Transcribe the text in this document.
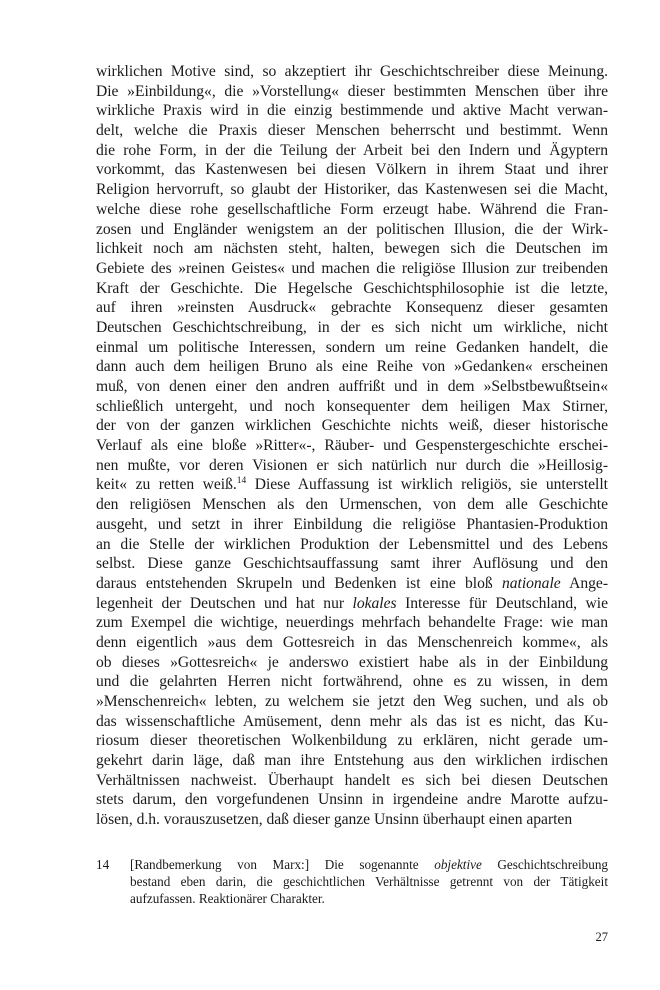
wirklichen Motive sind, so akzeptiert ihr Geschichtschreiber diese Meinung.
Die »Einbildung«, die »Vorstellung« dieser bestimmten Menschen über ihre
wirkliche Praxis wird in die einzig bestimmende und aktive Macht verwan-
delt, welche die Praxis dieser Menschen beherrscht und bestimmt. Wenn
die rohe Form, in der die Teilung der Arbeit bei den Indern und Ägyptern
vorkommt, das Kastenwesen bei diesen Völkern in ihrem Staat und ihrer
Religion hervorruft, so glaubt der Historiker, das Kastenwesen sei die Macht,
welche diese rohe gesellschaftliche Form erzeugt habe. Während die Fran-
zosen und Engländer wenigstem an der politischen Illusion, die der Wirk-
lichkeit noch am nächsten steht, halten, bewegen sich die Deutschen im
Gebiete des »reinen Geistes« und machen die religiöse Illusion zur treibenden
Kraft der Geschichte. Die Hegelsche Geschichtsphilosophie ist die letzte,
auf ihren »reinsten Ausdruck« gebrachte Konsequenz dieser gesamten
Deutschen Geschichtschreibung, in der es sich nicht um wirkliche, nicht
einmal um politische Interessen, sondern um reine Gedanken handelt, die
dann auch dem heiligen Bruno als eine Reihe von »Gedanken« erscheinen
muß, von denen einer den andren auffrißt und in dem »Selbstbewußtsein«
schließlich untergeht, und noch konsequenter dem heiligen Max Stirner,
der von der ganzen wirklichen Geschichte nichts weiß, dieser historische
Verlauf als eine bloße »Ritter«-, Räuber- und Gespenstergeschichte erschei-
nen mußte, vor deren Visionen er sich natürlich nur durch die »Heillosig-
keit« zu retten weiß.$^{14}$ Diese Auffassung ist wirklich religiös, sie unterstellt
den religiösen Menschen als den Urmenschen, von dem alle Geschichte
ausgeht, und setzt in ihrer Einbildung die religiöse Phantasien-Produktion
an die Stelle der wirklichen Produktion der Lebensmittel und des Lebens
selbst. Diese ganze Geschichtsauffassung samt ihrer Auflösung und den
daraus entstehenden Skrupeln und Bedenken ist eine bloß nationale Ange-
legenheit der Deutschen und hat nur lokales Interesse für Deutschland, wie
zum Exempel die wichtige, neuerdings mehrfach behandelte Frage: wie man
denn eigentlich »aus dem Gottesreich in das Menschenreich komme«, als
ob dieses »Gottesreich« je anderswo existiert habe als in der Einbildung
und die gelahrten Herren nicht fortwährend, ohne es zu wissen, in dem
»Menschenreich« lebten, zu welchem sie jetzt den Weg suchen, und als ob
das wissenschaftliche Amüsement, denn mehr als das ist es nicht, das Ku-
riosum dieser theoretischen Wolkenbildung zu erklären, nicht gerade um-
gekehrt darin läge, daß man ihre Entstehung aus den wirklichen irdischen
Verhältnissen nachweist. Überhaupt handelt es sich bei diesen Deutschen
stets darum, den vorgefundenen Unsinn in irgendeine andre Marotte aufzu-
lösen, d.h. vorauszusetzen, daß dieser ganze Unsinn überhaupt einen aparten
14 [Randbemerkung von Marx:] Die sogenannte objektive Geschichtschreibung
bestand eben darin, die geschichtlichen Verhältnisse getrennt von der Tätigkeit
aufzufassen. Reaktionärer Charakter.
27
